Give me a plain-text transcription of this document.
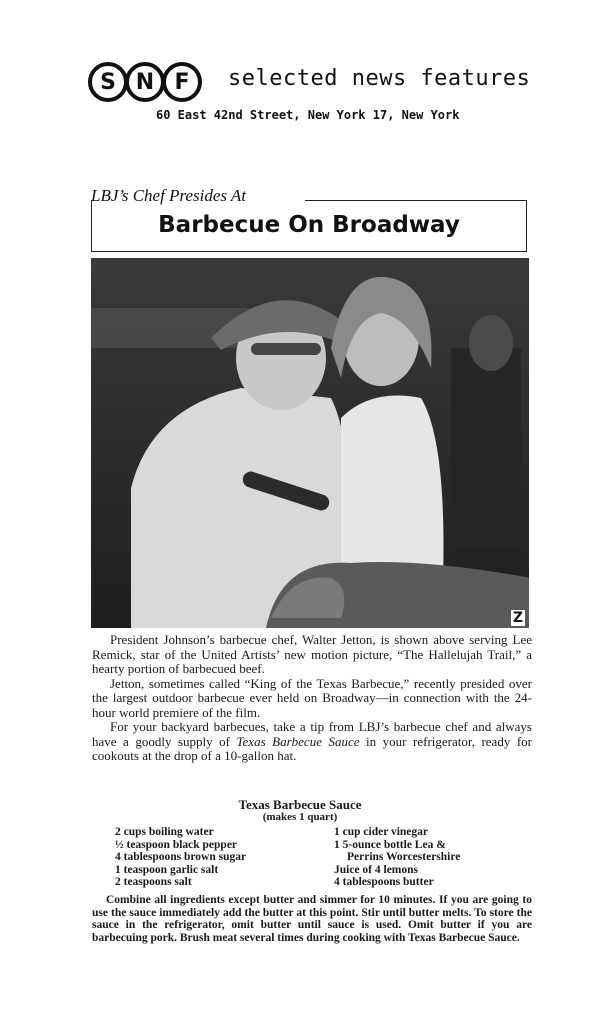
S N F selected news features
60 East 42nd Street, New York 17, New York
LBJ’s Chef Presides At
Barbecue On Broadway
Z

President Johnson’s barbecue chef, Walter Jetton, is shown above serving Lee Remick, star of the United Artists’ new motion picture, “The Hallelujah Trail,” a hearty portion of barbecued beef.

Jetton, sometimes called “King of the Texas Barbecue,” recently presided over the largest outdoor barbecue ever held on Broadway—in connection with the 24-hour world premiere of the film.

For your backyard barbecues, take a tip from LBJ’s barbecue chef and always have a goodly supply of Texas Barbecue Sauce in your refrigerator, ready for cookouts at the drop of a 10-gallon hat.

Texas Barbecue Sauce
(makes 1 quart)
2 cups boiling water
½ teaspoon black pepper
4 tablespoons brown sugar
1 teaspoon garlic salt
2 teaspoons salt
1 cup cider vinegar
1 5-ounce bottle Lea &
Perrins Worcestershire
Juice of 4 lemons
4 tablespoons butter
Combine all ingredients except butter and simmer for 10 minutes. If you are going to use the sauce immediately add the butter at this point. Stir until butter melts. To store the sauce in the refrigerator, omit butter until sauce is used. Omit butter if you are barbecuing pork. Brush meat several times during cooking with Texas Barbecue Sauce.
